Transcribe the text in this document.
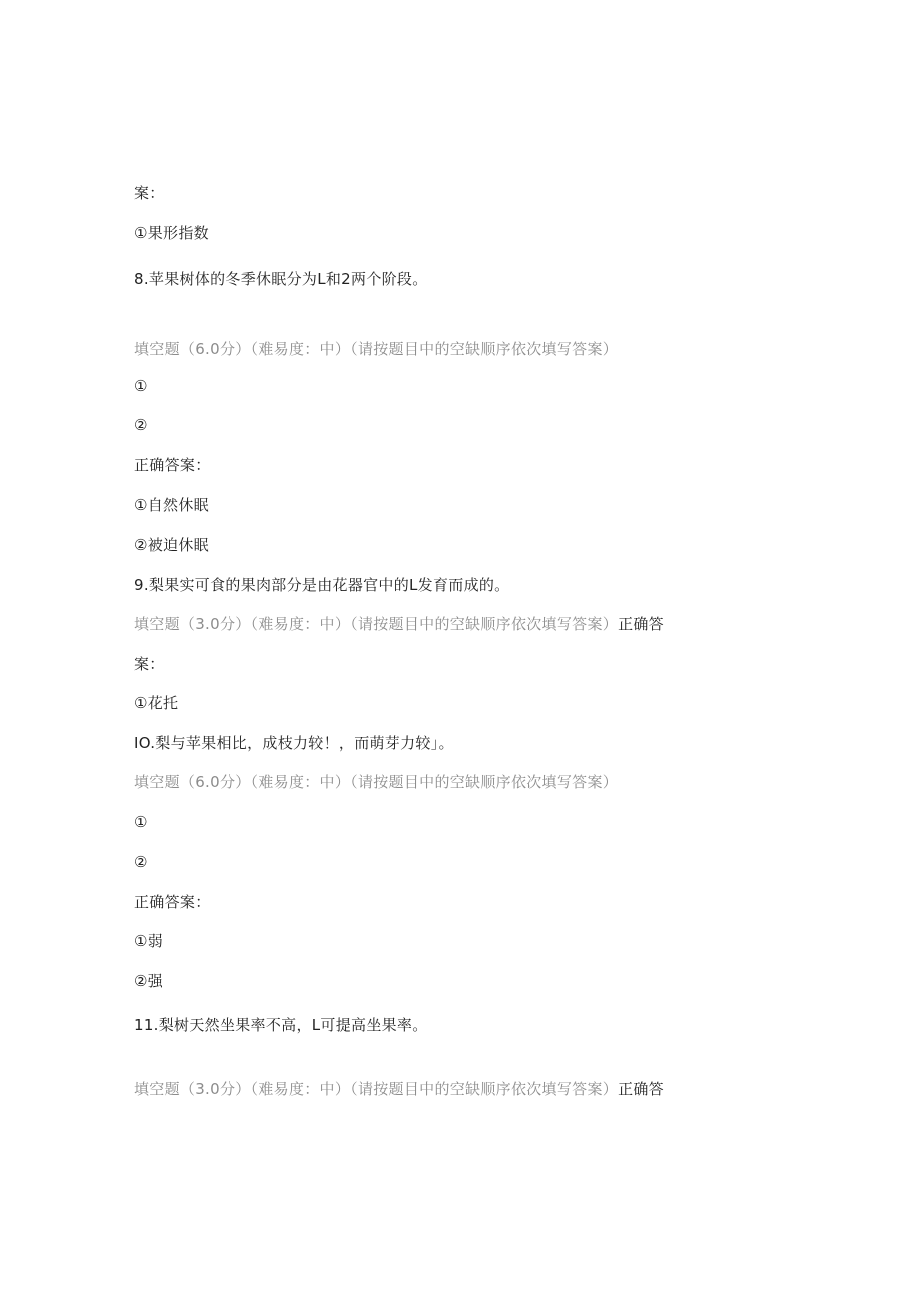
案：
①果形指数
8.苹果树体的冬季休眠分为L和2两个阶段。
填空题（6.0分）（难易度：中）（请按题目中的空缺顺序依次填写答案）
①
②
正确答案：
①自然休眠
②被迫休眠
9.梨果实可食的果肉部分是由花器官中的L发育而成的。
填空题（3.0分）（难易度：中）（请按题目中的空缺顺序依次填写答案）正确答
案：
①花托
IO.梨与苹果相比，成枝力较！，而萌芽力较」。
填空题（6.0分）（难易度：中）（请按题目中的空缺顺序依次填写答案）
①
②
正确答案：
①弱
②强
11.梨树天然坐果率不高，L可提高坐果率。
填空题（3.0分）（难易度：中）（请按题目中的空缺顺序依次填写答案）正确答
